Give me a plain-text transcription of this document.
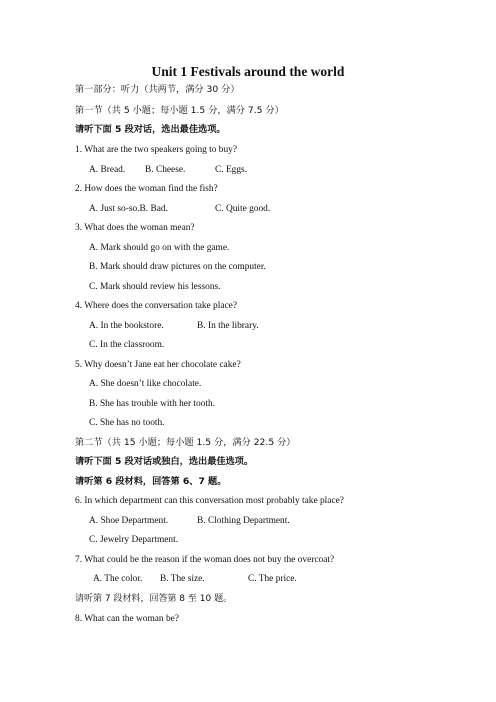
Unit 1 Festivals around the world
第一部分：听力（共两节，满分 30 分）
第一节（共 5 小题；每小题 1.5 分，满分 7.5 分）
请听下面 5 段对话，选出最佳选项。
1. What are the two speakers going to buy?
A. Bread. B. Cheese.	C. Eggs.
2. How does the woman find the fish?
A. Just so-so.B. Bad.	C. Quite good.
3. What does the woman mean?
A. Mark should go on with the game.
B. Mark should draw pictures on the computer.
C. Mark should review his lessons.
4. Where does the conversation take place?
A. In the bookstore.	B. In the library.
C. In the classroom.
5. Why doesn’t Jane eat her chocolate cake?
A. She doesn’t like chocolate.
B. She has trouble with her tooth.
C. She has no tooth.
第二节（共 15 小题；每小题 1.5 分，满分 22.5 分）
请听下面 5 段对话或独白，选出最佳选项。
请听第 6 段材料，回答第 6、7 题。
6. In which department can this conversation most probably take place?
A. Shoe Department.	B. Clothing Department.
C. Jewelry Department.
7. What could be the reason if the woman does not buy the overcoat?
A. The color. B. The size.	C. The price.
请听第 7 段材料，回答第 8 至 10 题。
8. What can the woman be?
